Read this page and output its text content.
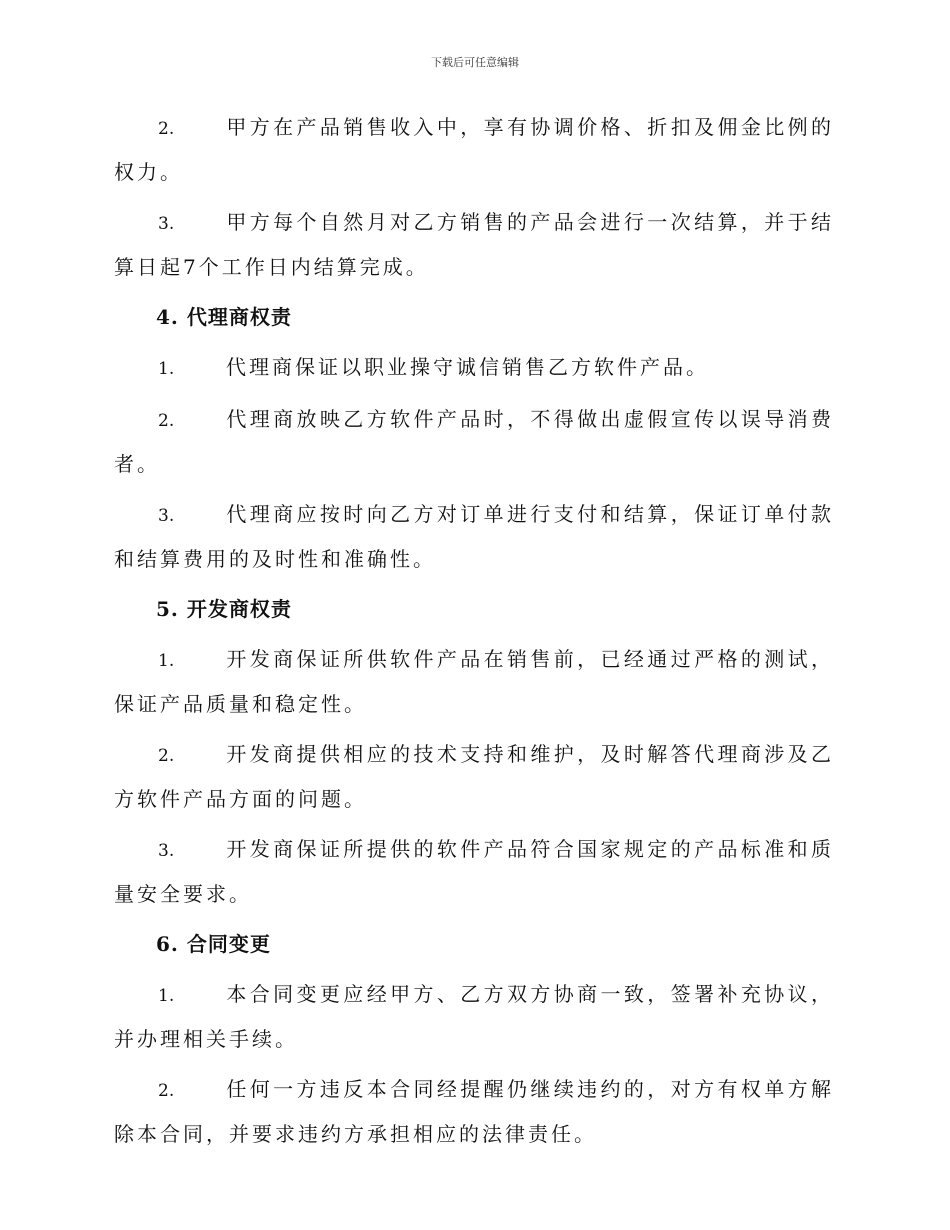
下载后可任意编辑

2.	甲方在产品销售收入中，享有协调价格、折扣及佣金比例的权力。

3.	甲方每个自然月对乙方销售的产品会进行一次结算，并于结算日起7个工作日内结算完成。

4. 代理商权责

1.	代理商保证以职业操守诚信销售乙方软件产品。

2.	代理商放映乙方软件产品时，不得做出虚假宣传以误导消费者。

3.	代理商应按时向乙方对订单进行支付和结算，保证订单付款和结算费用的及时性和准确性。

5. 开发商权责

1.	开发商保证所供软件产品在销售前，已经通过严格的测试，保证产品质量和稳定性。

2.	开发商提供相应的技术支持和维护，及时解答代理商涉及乙方软件产品方面的问题。

3.	开发商保证所提供的软件产品符合国家规定的产品标准和质量安全要求。

6. 合同变更

1.	本合同变更应经甲方、乙方双方协商一致，签署补充协议，并办理相关手续。

2.	任何一方违反本合同经提醒仍继续违约的，对方有权单方解除本合同，并要求违约方承担相应的法律责任。
